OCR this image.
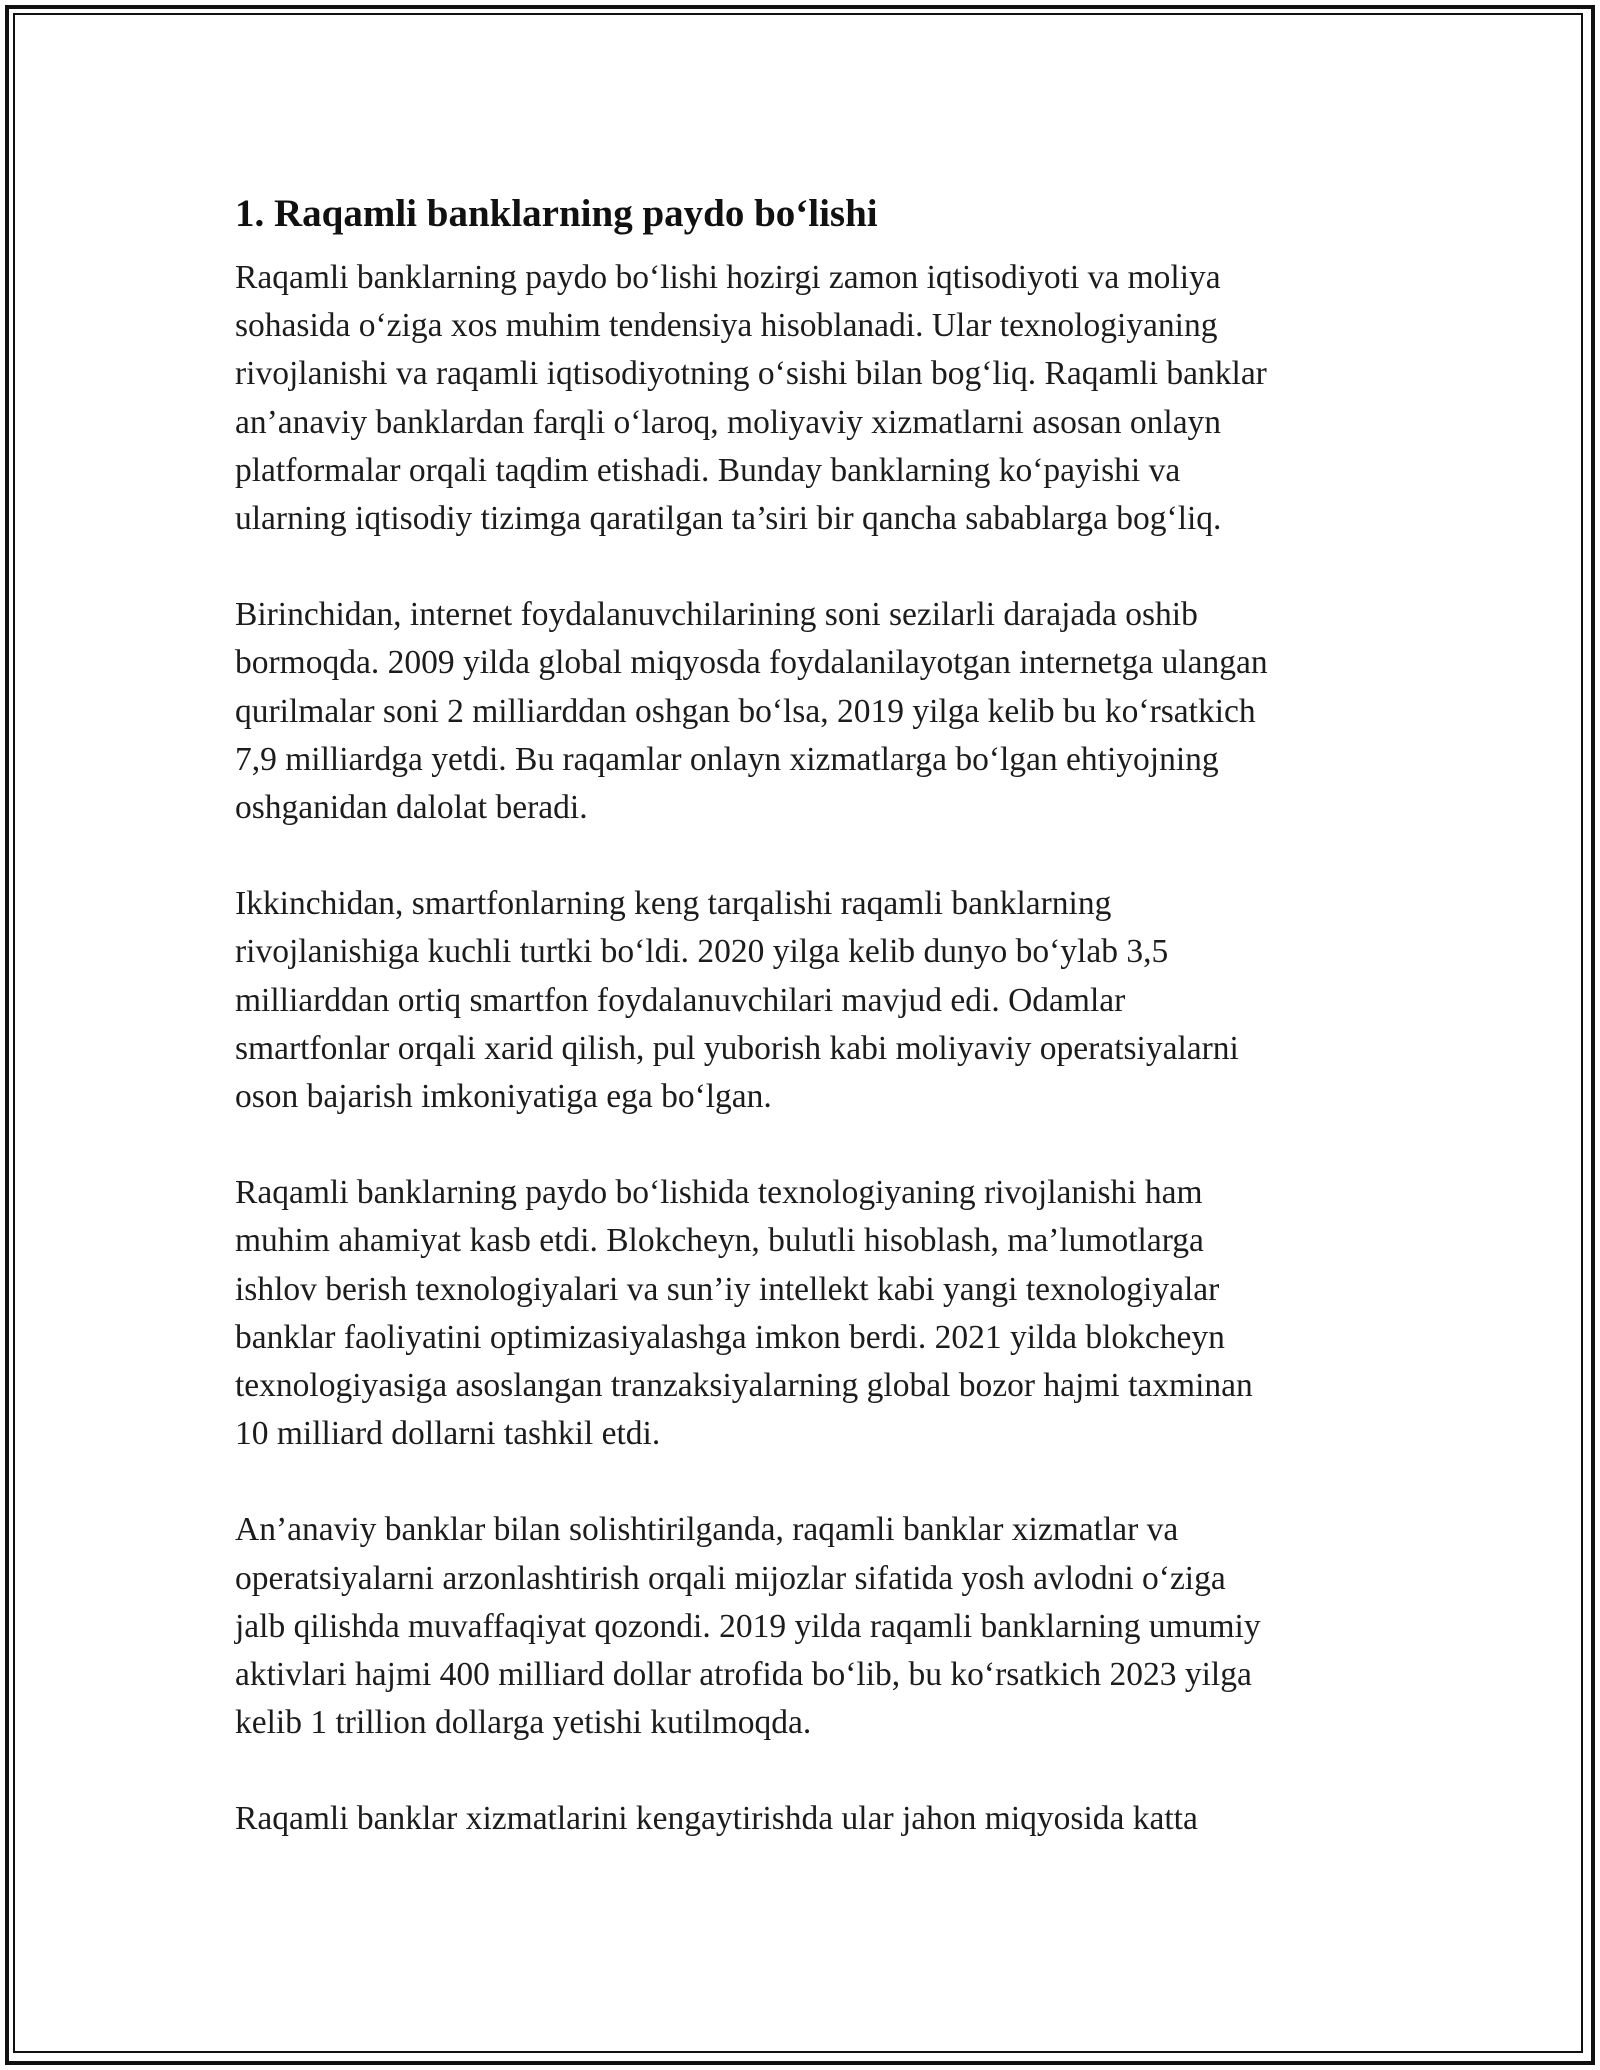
1. Raqamli banklarning paydo bo‘lishi
Raqamli banklarning paydo bo‘lishi hozirgi zamon iqtisodiyoti va moliya
sohasida o‘ziga xos muhim tendensiya hisoblanadi. Ular texnologiyaning
rivojlanishi va raqamli iqtisodiyotning o‘sishi bilan bog‘liq. Raqamli banklar
an’anaviy banklardan farqli o‘laroq, moliyaviy xizmatlarni asosan onlayn
platformalar orqali taqdim etishadi. Bunday banklarning ko‘payishi va
ularning iqtisodiy tizimga qaratilgan ta’siri bir qancha sabablarga bog‘liq.
Birinchidan, internet foydalanuvchilarining soni sezilarli darajada oshib
bormoqda. 2009 yilda global miqyosda foydalanilayotgan internetga ulangan
qurilmalar soni 2 milliarddan oshgan bo‘lsa, 2019 yilga kelib bu ko‘rsatkich
7,9 milliardga yetdi. Bu raqamlar onlayn xizmatlarga bo‘lgan ehtiyojning
oshganidan dalolat beradi.
Ikkinchidan, smartfonlarning keng tarqalishi raqamli banklarning
rivojlanishiga kuchli turtki bo‘ldi. 2020 yilga kelib dunyo bo‘ylab 3,5
milliarddan ortiq smartfon foydalanuvchilari mavjud edi. Odamlar
smartfonlar orqali xarid qilish, pul yuborish kabi moliyaviy operatsiyalarni
oson bajarish imkoniyatiga ega bo‘lgan.
Raqamli banklarning paydo bo‘lishida texnologiyaning rivojlanishi ham
muhim ahamiyat kasb etdi. Blokcheyn, bulutli hisoblash, ma’lumotlarga
ishlov berish texnologiyalari va sun’iy intellekt kabi yangi texnologiyalar
banklar faoliyatini optimizasiyalashga imkon berdi. 2021 yilda blokcheyn
texnologiyasiga asoslangan tranzaksiyalarning global bozor hajmi taxminan
10 milliard dollarni tashkil etdi.
An’anaviy banklar bilan solishtirilganda, raqamli banklar xizmatlar va
operatsiyalarni arzonlashtirish orqali mijozlar sifatida yosh avlodni o‘ziga
jalb qilishda muvaffaqiyat qozondi. 2019 yilda raqamli banklarning umumiy
aktivlari hajmi 400 milliard dollar atrofida bo‘lib, bu ko‘rsatkich 2023 yilga
kelib 1 trillion dollarga yetishi kutilmoqda.
Raqamli banklar xizmatlarini kengaytirishda ular jahon miqyosida katta
